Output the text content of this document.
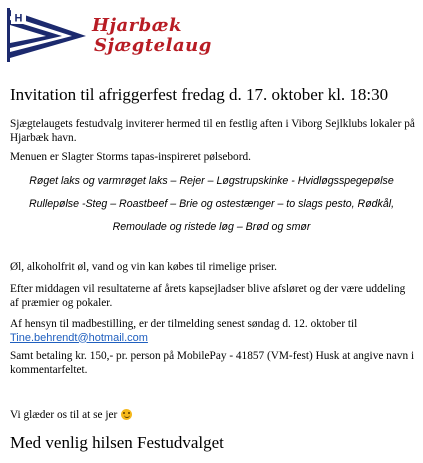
H	Hjarbæk
Sjægtelaug
Invitation til afriggerfest fredag d. 17. oktober kl. 18:30
Sjægtelaugets festudvalg inviterer hermed til en festlig aften i Viborg Sejlklubs lokaler på Hjarbæk havn.
Menuen er Slagter Storms tapas-inspireret pølsebord.
Røget laks og varmrøget laks – Rejer – Løgstrupskinke - Hvidløgsspegepølse
Rullepølse -Steg – Roastbeef – Brie og ostestænger – to slags pesto, Rødkål,
Remoulade og ristede løg – Brød og smør
Øl, alkoholfrit øl, vand og vin kan købes til rimelige priser.
Efter middagen vil resultaterne af årets kapsejladser blive afsløret og der være uddeling af præmier og pokaler.
Af hensyn til madbestilling, er der tilmelding senest søndag d. 12. oktober til
Tine.behrendt@hotmail.com
Samt betaling kr. 150,- pr. person på MobilePay - 41857 (VM-fest) Husk at angive navn i kommentarfeltet.
Vi glæder os til at se jer
Med venlig hilsen Festudvalget
